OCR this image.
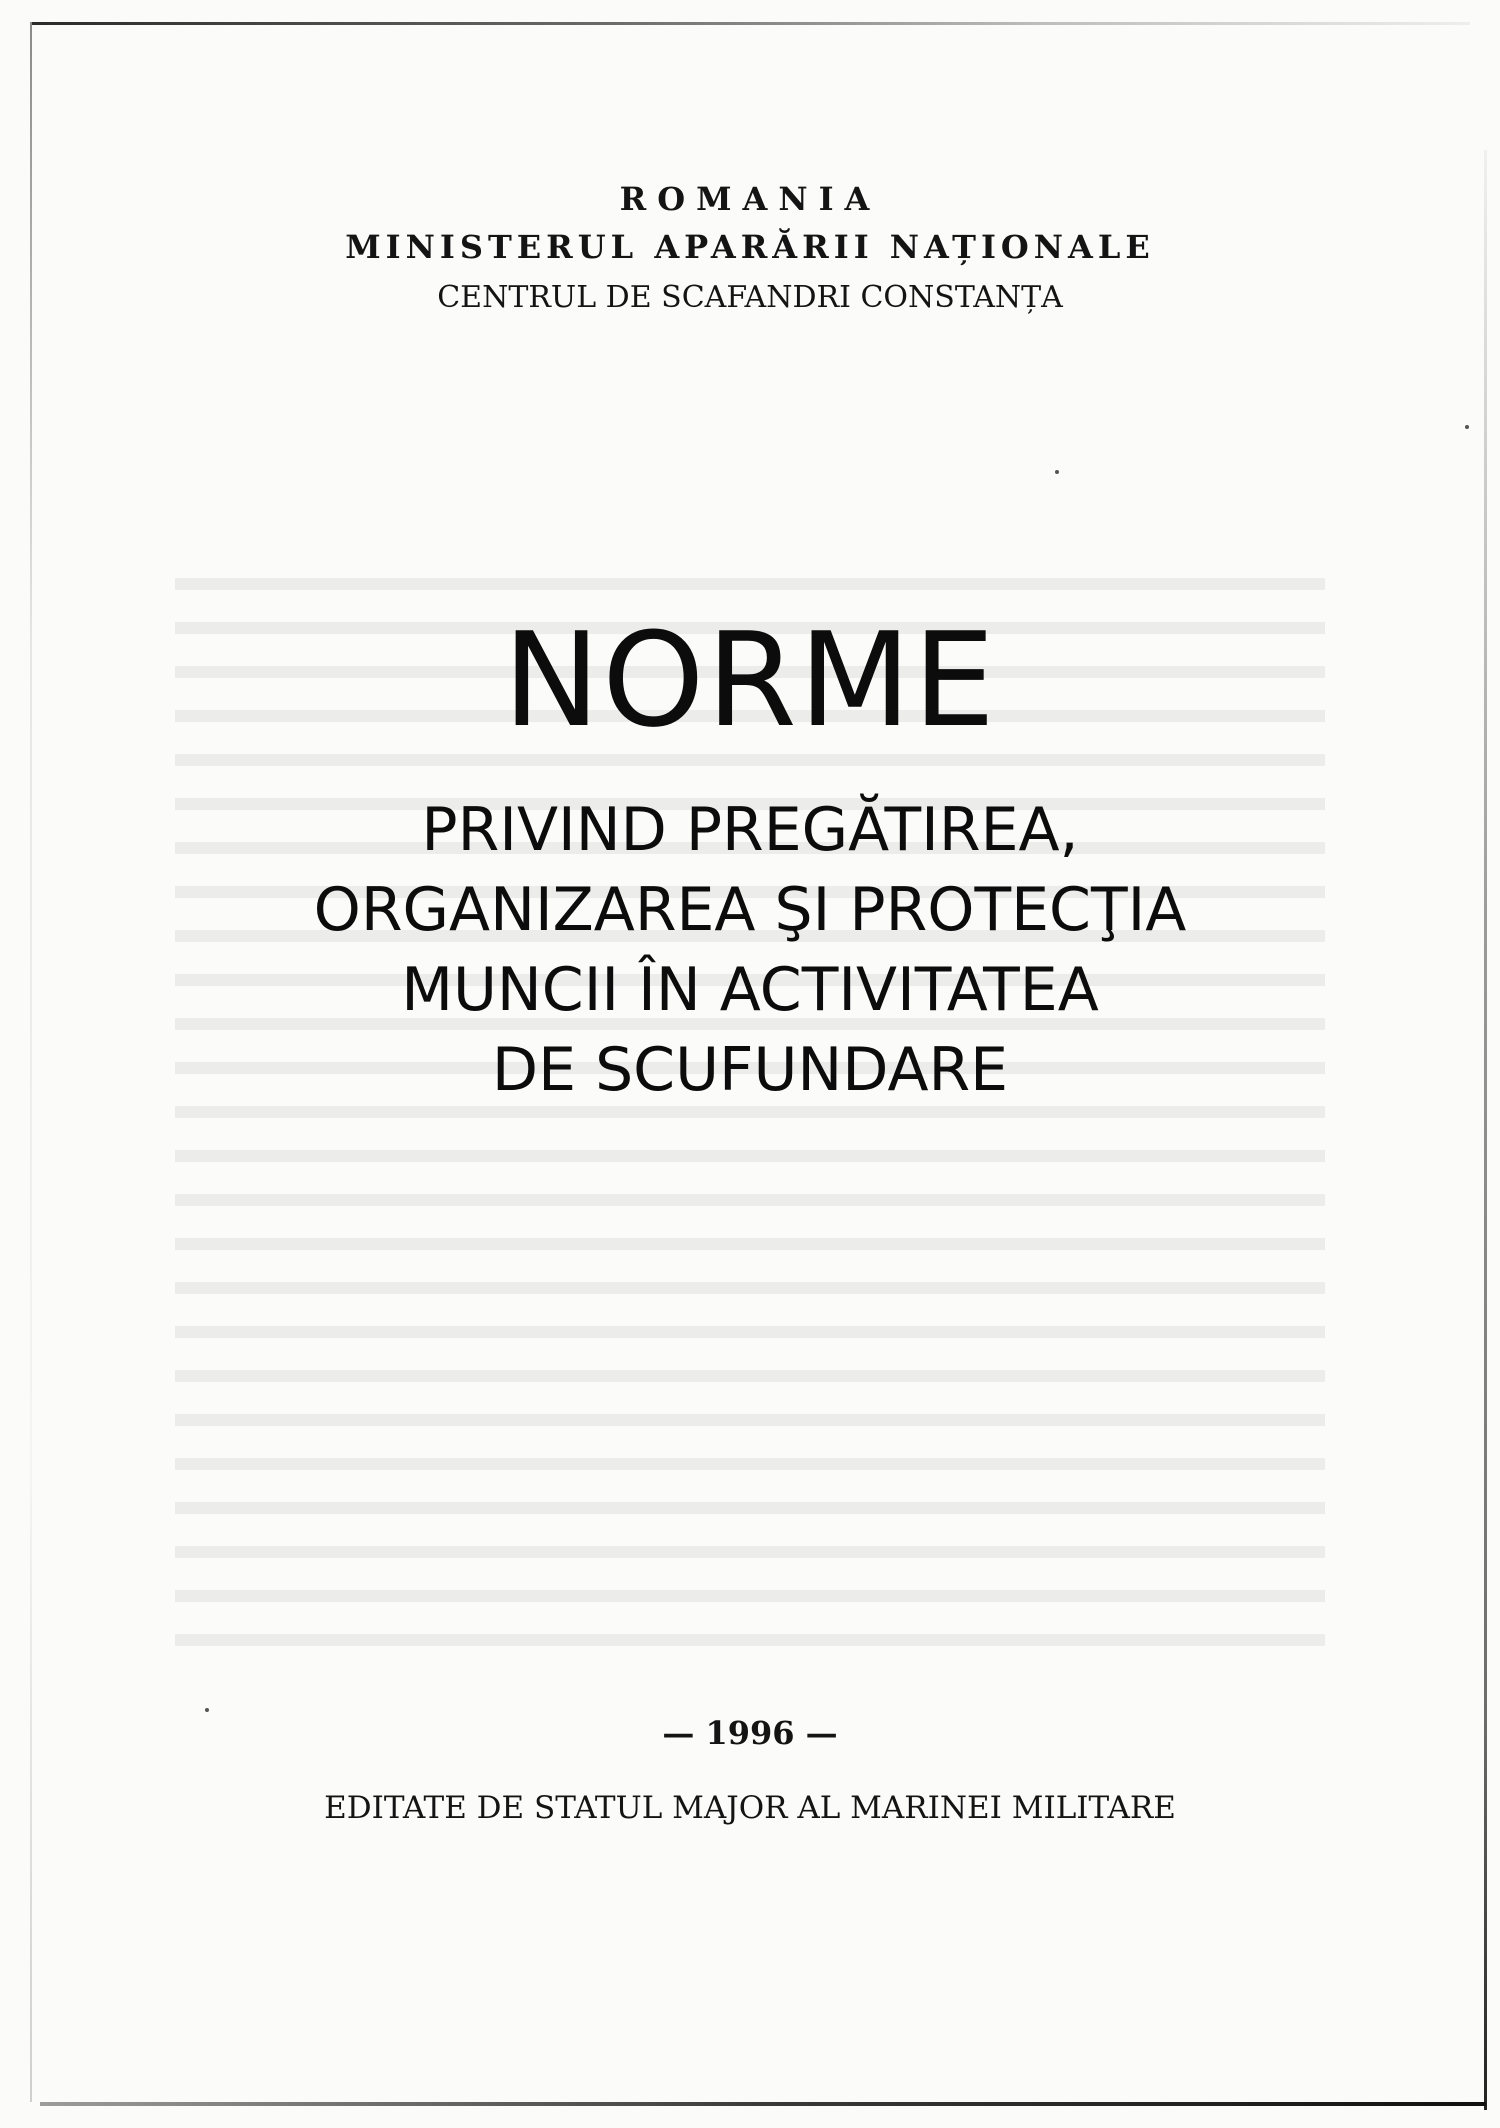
ROMANIA
MINISTERUL APARĂRII NAȚIONALE
CENTRUL DE SCAFANDRI CONSTANȚA
NORME
PRIVIND PREGĂTIREA,
ORGANIZAREA ŞI PROTECŢIA
MUNCII ÎN ACTIVITATEA
DE SCUFUNDARE
— 1996 —
EDITATE DE STATUL MAJOR AL MARINEI MILITARE
